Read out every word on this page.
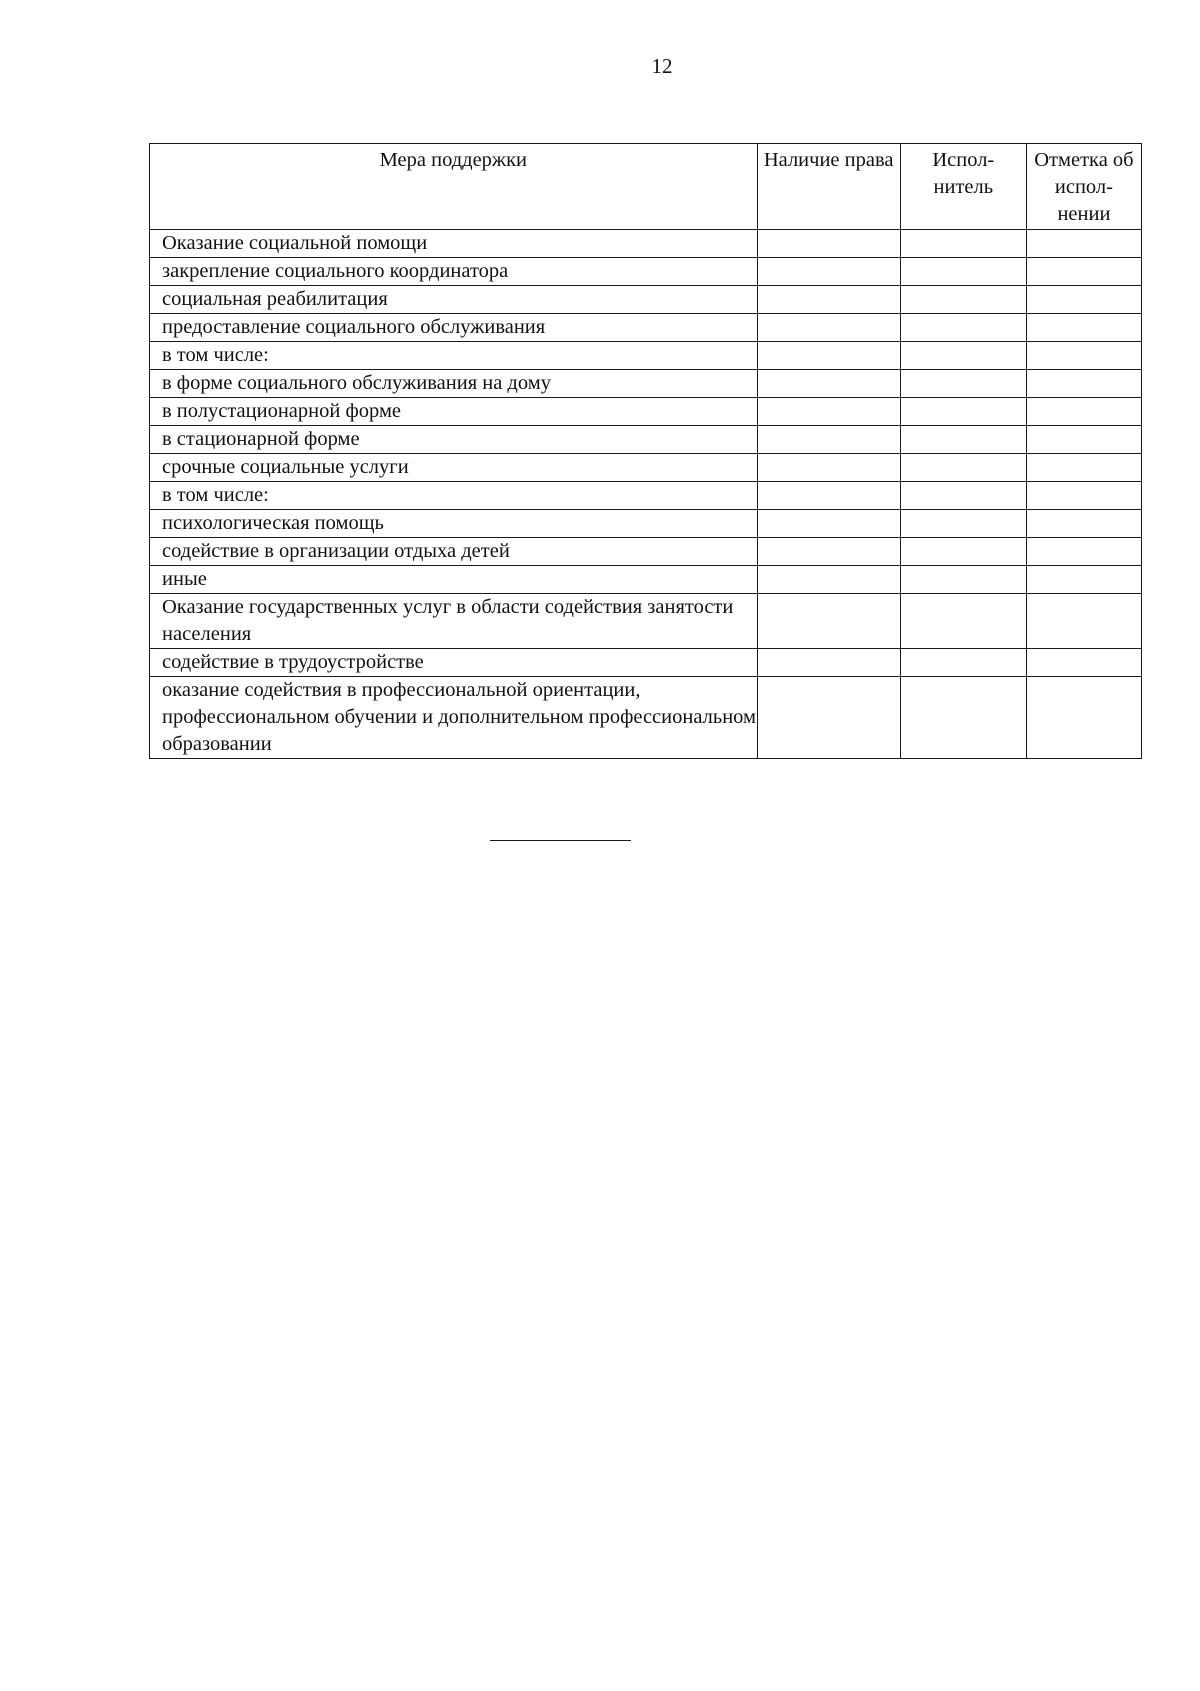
12
Мера поддержки	Наличие права	Испол- нитель	Отметка об испол- нении
Оказание социальной помощи			
закрепление социального координатора			
социальная реабилитация			
предоставление социального обслуживания			
в том числе:			
в форме социального обслуживания на дому			
в полустационарной форме			
в стационарной форме			
срочные социальные услуги			
в том числе:			
психологическая помощь			
содействие в организации отдыха детей			
иные			
Оказание государственных услуг в области содействия занятости населения			
содействие в трудоустройстве			
оказание содействия в профессиональной ориентации, профессиональном обучении и дополнительном профессиональном образовании			
